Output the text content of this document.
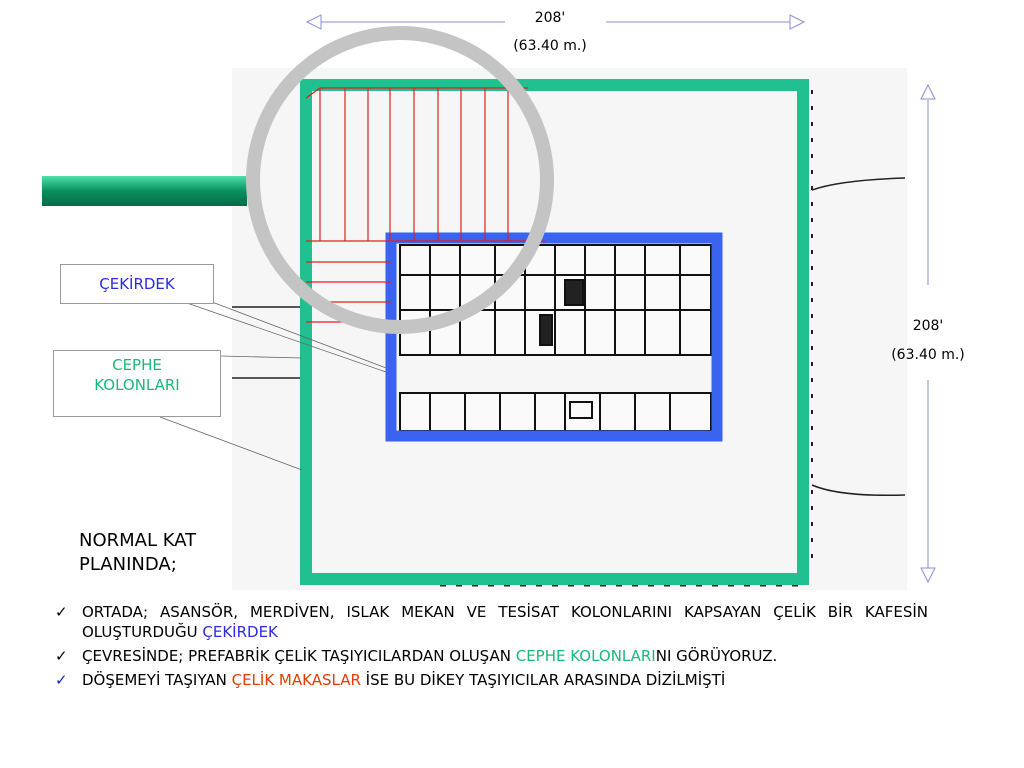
208'
(63.40 m.)
208'
(63.40 m.)
ÇEKİRDEK
CEPHE
KOLONLARI
NORMAL KAT
PLANINDA;
✓ ORTADA; ASANSÖR, MERDİVEN, ISLAK MEKAN VE TESİSAT KOLONLARINI KAPSAYAN ÇELİK BİR KAFESİN OLUŞTURDUĞU ÇEKİRDEK
✓ ÇEVRESİNDE; PREFABRİK ÇELİK TAŞIYICILARDAN OLUŞAN CEPHE KOLONLARINI GÖRÜYORUZ.
✓ DÖŞEMEYİ TAŞIYAN ÇELİK MAKASLAR İSE BU DİKEY TAŞIYICILAR ARASINDA DİZİLMİŞTİ
